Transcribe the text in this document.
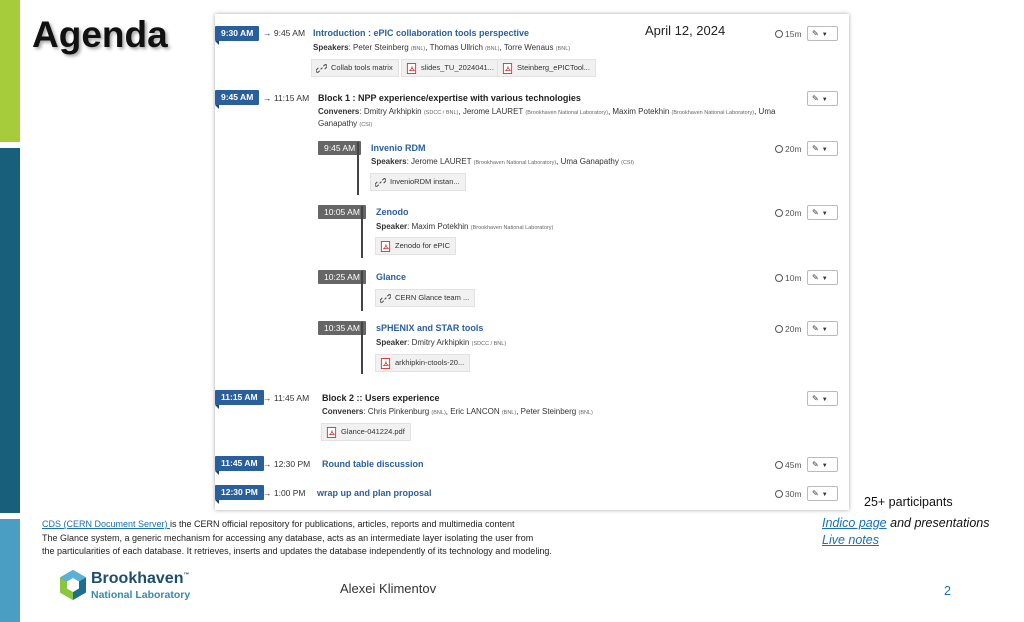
Agenda	April 12, 2024
9:30 AM	→ 9:45 AM Introduction : ePIC collaboration tools perspective
Speakers: Peter Steinberg (BNL), Thomas Ullrich (BNL), Torre Wenaus (BNL)
15m	✎ ▼
Collab tools matrix	slides_TU_2024041...	Steinberg_ePICTool...
9:45 AM	→ 11:15 AM Block 1 : NPP experience/expertise with various technologies
Conveners: Dmitry Arkhipkin (SDCC / BNL), Jerome LAURET (Brookhaven National Laboratory), Maxim Potekhin (Brookhaven National Laboratory), Uma
Ganapathy (CSI)
✎ ▼
9:45 AM	Invenio RDM
Speakers: Jerome LAURET (Brookhaven National Laboratory), Uma Ganapathy (CSI)
20m	✎ ▼
InvenioRDM instan...
10:05 AM	Zenodo
Speaker: Maxim Potekhin (Brookhaven National Laboratory)
20m	✎ ▼
Zenodo for ePIC
10:25 AM	Glance	10m	✎ ▼
CERN Glance team ...
10:35 AM	sPHENIX and STAR tools
Speaker: Dmitry Arkhipkin (SDCC / BNL)
20m	✎ ▼
arkhipkin-ctools-20...
11:15 AM → 11:45 AM Block 2 :: Users experience
Conveners: Chris Pinkenburg (BNL), Eric LANCON (BNL), Peter Steinberg (BNL)
✎ ▼
Glance-041224.pdf
11:45 AM → 12:30 PM Round table discussion	45m	✎ ▼
12:30 PM → 1:00 PM wrap up and plan proposal	30m	✎ ▼	25+ participants
Indico page and presentations
Live notes
CDS (CERN Document Server) is the CERN official repository for publications, articles, reports and multimedia content
The Glance system, a generic mechanism for accessing any database, acts as an intermediate layer isolating the user from
the particularities of each database. It retrieves, inserts and updates the database independently of its technology and modeling.
Brookhaven™
National Laboratory	Alexei Klimentov	2
